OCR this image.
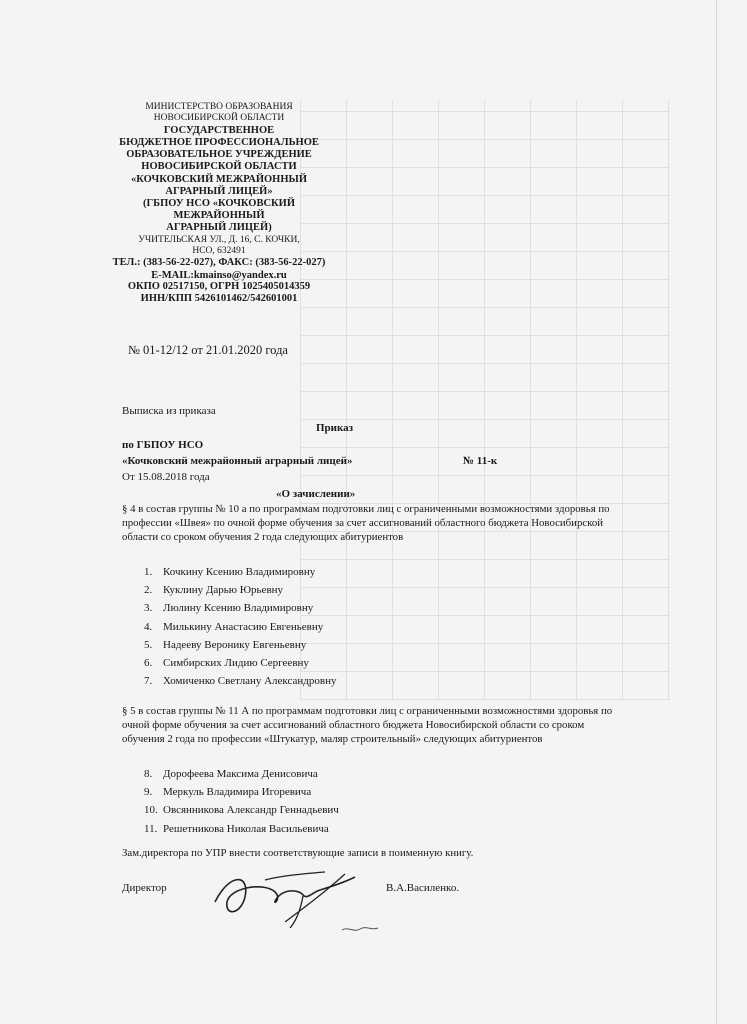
МИНИСТЕРСТВО ОБРАЗОВАНИЯ
НОВОСИБИРСКОЙ ОБЛАСТИ
ГОСУДАРСТВЕННОЕ
БЮДЖЕТНОЕ ПРОФЕССИОНАЛЬНОЕ
ОБРАЗОВАТЕЛЬНОЕ УЧРЕЖДЕНИЕ
НОВОСИБИРСКОЙ ОБЛАСТИ
«КОЧКОВСКИЙ МЕЖРАЙОННЫЙ
АГРАРНЫЙ ЛИЦЕЙ»
(ГБПОУ НСО «КОЧКОВСКИЙ
МЕЖРАЙОННЫЙ
АГРАРНЫЙ ЛИЦЕЙ)
УЧИТЕЛЬСКАЯ УЛ., Д. 16, С. КОЧКИ,
НСО, 632491
ТЕЛ.: (383-56-22-027), ФАКС: (383-56-22-027)
E-MAIL:kmainso@yandex.ru
ОКПО 02517150, ОГРН 1025405014359
ИНН/КПП 5426101462/542601001
№ 01-12/12 от 21.01.2020 года
Выписка из приказа
Приказ
по ГБПОУ НСО
«Кочковский межрайонный аграрный лицей»	№ 11-к
От 15.08.2018 года
«О зачислении»
§ 4 в состав группы № 10 а по программам подготовки лиц с ограниченными возможностями здоровья по профессии «Швея» по очной форме обучения за счет ассигнований областного бюджета Новосибирской области со сроком обучения 2 года следующих абитуриентов
1. Кочкину Ксению Владимировну
2. Куклину Дарью Юрьевну
3. Люлину Ксению Владимировну
4. Милькину Анастасию Евгеньевну
5. Надееву Веронику Евгеньевну
6. Симбирских Лидию Сергеевну
7. Хомиченко Светлану Александровну
§ 5 в состав группы № 11 А по программам подготовки лиц с ограниченными возможностями здоровья по очной форме обучения за счет ассигнований областного бюджета Новосибирской области со сроком обучения 2 года по профессии «Штукатур, маляр строительный» следующих абитуриентов
8. Дорофеева Максима Денисовича
9. Меркуль Владимира Игоревича
10. Овсянникова Александр Геннадьевич
11. Решетникова Николая Васильевича
Зам.директора по УПР внести соответствующие записи в поименную книгу.
Директор	В.А.Василенко.
